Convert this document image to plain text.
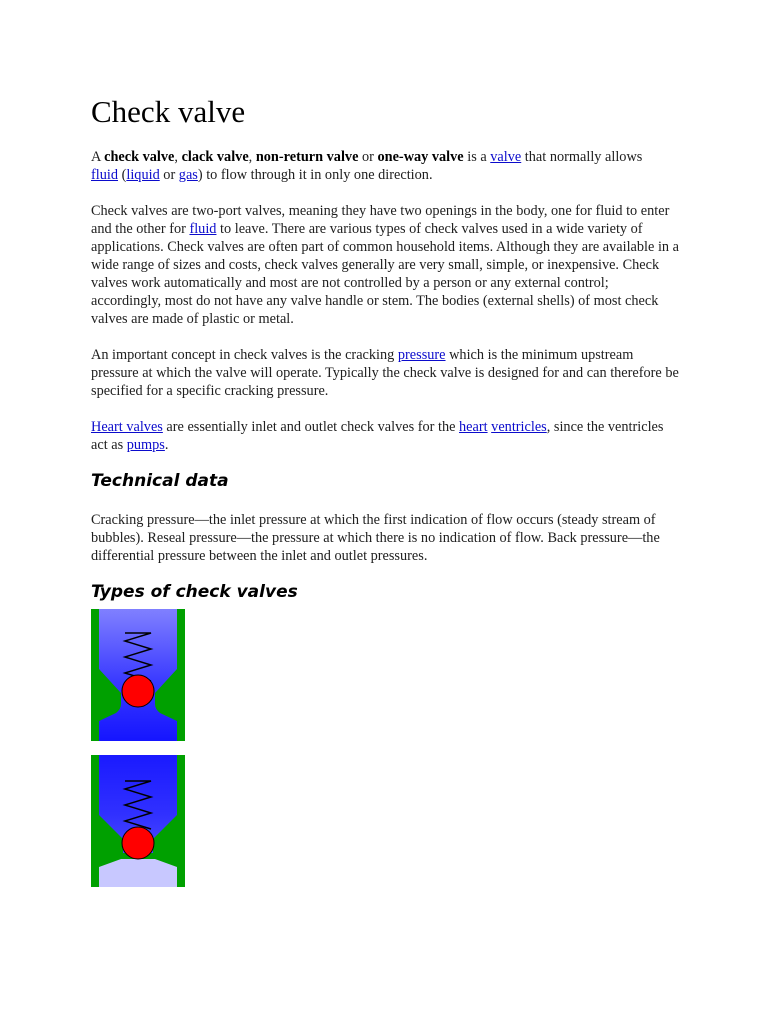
Check valve

A check valve, clack valve, non-return valve or one-way valve is a valve that normally allows
fluid (liquid or gas) to flow through it in only one direction.

Check valves are two-port valves, meaning they have two openings in the body, one for fluid to enter and the other for fluid to leave. There are various types of check valves used in a wide variety of applications. Check valves are often part of common household items. Although they are available in a wide range of sizes and costs, check valves generally are very small, simple, or inexpensive. Check valves work automatically and most are not controlled by a person or any external control; accordingly, most do not have any valve handle or stem. The bodies (external shells) of most check valves are made of plastic or metal.

An important concept in check valves is the cracking pressure which is the minimum upstream pressure at which the valve will operate. Typically the check valve is designed for and can therefore be specified for a specific cracking pressure.

Heart valves are essentially inlet and outlet check valves for the heart ventricles, since the ventricles act as pumps.

Technical data

Cracking pressure—the inlet pressure at which the first indication of flow occurs (steady stream of bubbles). Reseal pressure—the pressure at which there is no indication of flow. Back pressure—the differential pressure between the inlet and outlet pressures.

Types of check valves
